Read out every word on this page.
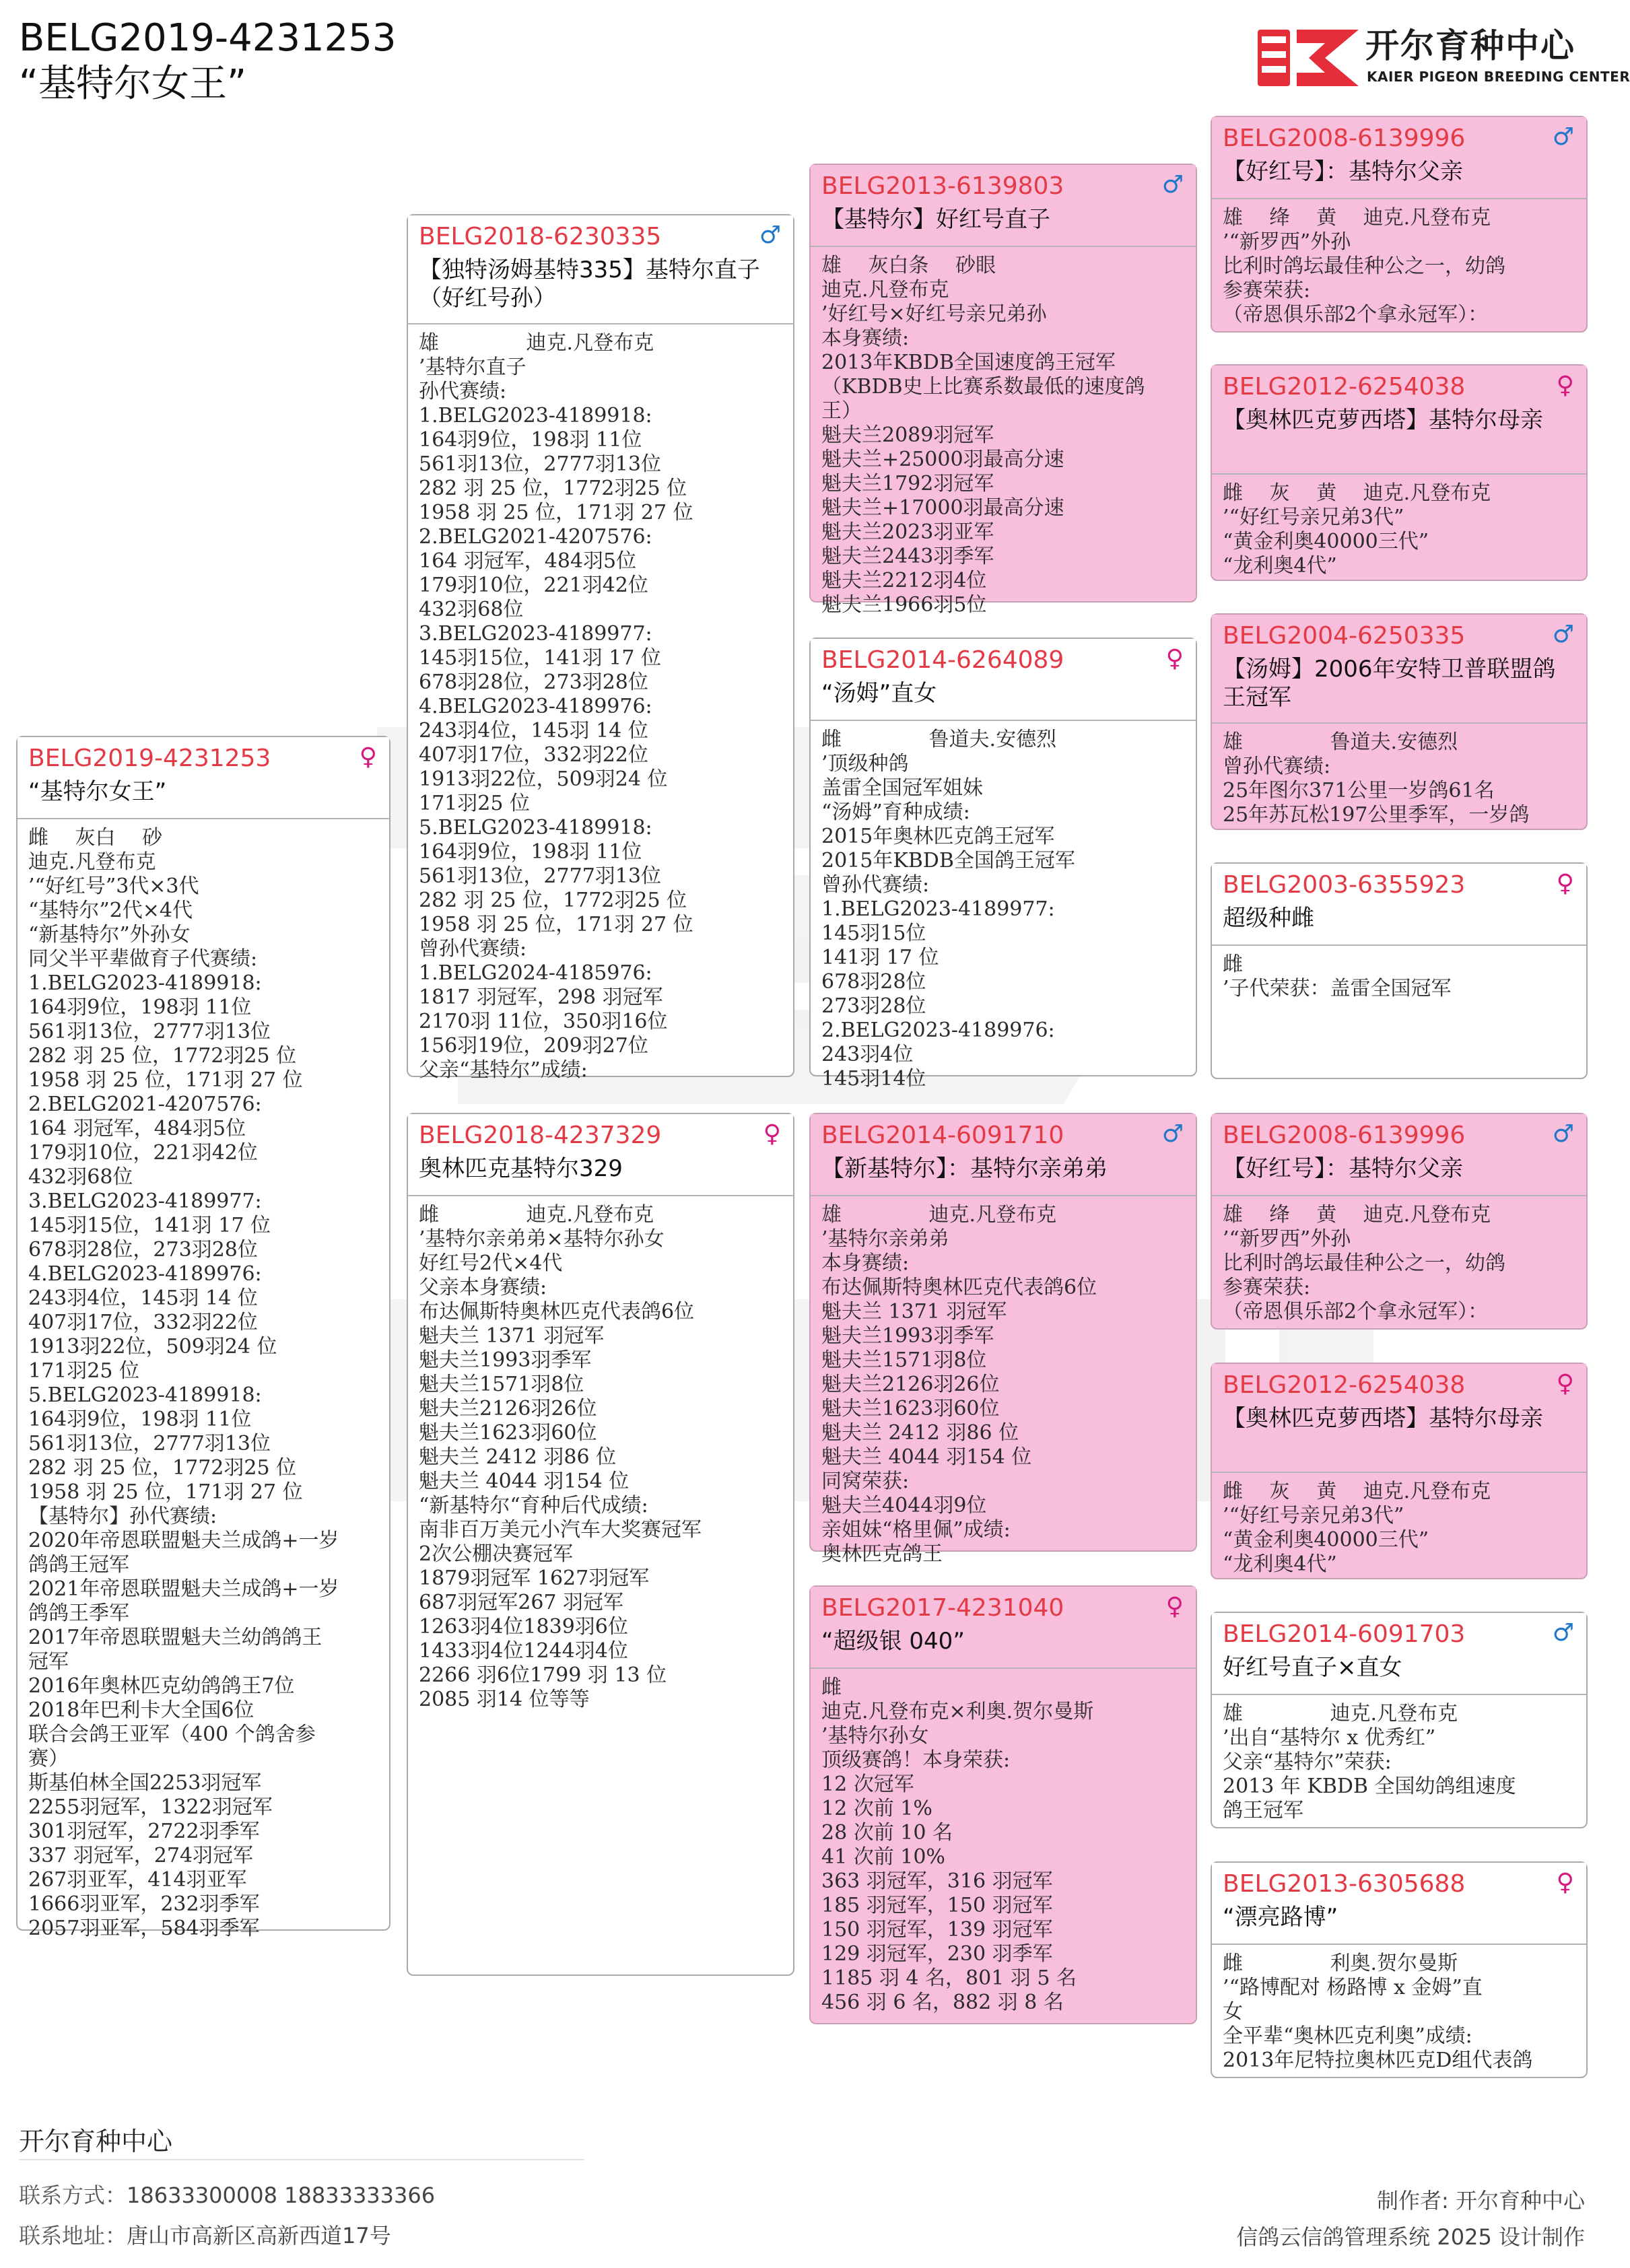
BELG2019-4231253
“基特尔女王”
开尔育种中心
KAIER PIGEON BREEDING CENTER
BELG2019-4231253	♀
“基特尔女王”
雌　 灰白　 砂
迪克.凡登布克
’“好红号”3代×3代
“基特尔”2代×4代
“新基特尔”外孙女
同父半平辈做育子代赛绩:
1.BELG2023-4189918:
164羽9位，198羽 11位
561羽13位，2777羽13位
282 羽 25 位，1772羽25 位
1958 羽 25 位，171羽 27 位
2.BELG2021-4207576:
164 羽冠军，484羽5位
179羽10位，221羽42位
432羽68位
3.BELG2023-4189977:
145羽15位，141羽 17 位
678羽28位，273羽28位
4.BELG2023-4189976:
243羽4位，145羽 14 位
407羽17位，332羽22位
1913羽22位，509羽24 位
171羽25 位
5.BELG2023-4189918:
164羽9位，198羽 11位
561羽13位，2777羽13位
282 羽 25 位，1772羽25 位
1958 羽 25 位，171羽 27 位
【基特尔】孙代赛绩:
2020年帝恩联盟魁夫兰成鸽+一岁
鸽鸽王冠军
2021年帝恩联盟魁夫兰成鸽+一岁
鸽鸽王季军
2017年帝恩联盟魁夫兰幼鸽鸽王
冠军
2016年奥林匹克幼鸽鸽王7位
2018年巴利卡大全国6位
联合会鸽王亚军（400 个鸽舍参
赛）
斯基伯林全国2253羽冠军
2255羽冠军，1322羽冠军
301羽冠军，2722羽季军
337 羽冠军，274羽冠军
267羽亚军，414羽亚军
1666羽亚军，232羽季军
2057羽亚军，584羽季军
BELG2018-6230335	♂
【独特汤姆基特335】基特尔直子（好红号孙）
雄　　　　 迪克.凡登布克
’基特尔直子
孙代赛绩:
1.BELG2023-4189918:
164羽9位，198羽 11位
561羽13位，2777羽13位
282 羽 25 位，1772羽25 位
1958 羽 25 位，171羽 27 位
2.BELG2021-4207576:
164 羽冠军，484羽5位
179羽10位，221羽42位
432羽68位
3.BELG2023-4189977:
145羽15位，141羽 17 位
678羽28位，273羽28位
4.BELG2023-4189976:
243羽4位，145羽 14 位
407羽17位，332羽22位
1913羽22位，509羽24 位
171羽25 位
5.BELG2023-4189918:
164羽9位，198羽 11位
561羽13位，2777羽13位
282 羽 25 位，1772羽25 位
1958 羽 25 位，171羽 27 位
曾孙代赛绩:
1.BELG2024-4185976:
1817 羽冠军，298 羽冠军
2170羽 11位，350羽16位
156羽19位，209羽27位
父亲“基特尔”成绩:
BELG2018-4237329	♀
奥林匹克基特尔329
雌　　　　 迪克.凡登布克
’基特尔亲弟弟×基特尔孙女
好红号2代×4代
父亲本身赛绩:
布达佩斯特奥林匹克代表鸽6位
魁夫兰 1371 羽冠军
魁夫兰1993羽季军
魁夫兰1571羽8位
魁夫兰2126羽26位
魁夫兰1623羽60位
魁夫兰 2412 羽86 位
魁夫兰 4044 羽154 位
“新基特尔“育种后代成绩:
南非百万美元小汽车大奖赛冠军
2次公棚决赛冠军
1879羽冠军 1627羽冠军
687羽冠军267 羽冠军
1263羽4位1839羽6位
1433羽4位1244羽4位
2266 羽6位1799 羽 13 位
2085 羽14 位等等
BELG2013-6139803	♂
【基特尔】好红号直子
雄　 灰白条　 砂眼
迪克.凡登布克
’好红号×好红号亲兄弟孙
本身赛绩:
2013年KBDB全国速度鸽王冠军
（KBDB史上比赛系数最低的速度鸽
王）
魁夫兰2089羽冠军
魁夫兰+25000羽最高分速
魁夫兰1792羽冠军
魁夫兰+17000羽最高分速
魁夫兰2023羽亚军
魁夫兰2443羽季军
魁夫兰2212羽4位
魁夫兰1966羽5位
BELG2014-6264089	♀
“汤姆”直女
雌　　　　 鲁道夫.安德烈
’顶级种鸽
盖雷全国冠军姐妹
“汤姆”育种成绩:
2015年奥林匹克鸽王冠军
2015年KBDB全国鸽王冠军
曾孙代赛绩:
1.BELG2023-4189977:
145羽15位
141羽 17 位
678羽28位
273羽28位
2.BELG2023-4189976:
243羽4位
145羽14位
BELG2014-6091710	♂
【新基特尔】：基特尔亲弟弟
雄　　　　 迪克.凡登布克
’基特尔亲弟弟
本身赛绩:
布达佩斯特奥林匹克代表鸽6位
魁夫兰 1371 羽冠军
魁夫兰1993羽季军
魁夫兰1571羽8位
魁夫兰2126羽26位
魁夫兰1623羽60位
魁夫兰 2412 羽86 位
魁夫兰 4044 羽154 位
同窝荣获:
魁夫兰4044羽9位
亲姐妹“格里佩”成绩:
奥林匹克鸽王
BELG2017-4231040	♀
“超级银 040”
雌
迪克.凡登布克×利奥.贺尔曼斯
’基特尔孙女
顶级赛鸽！本身荣获:
12 次冠军
12 次前 1%
28 次前 10 名
41 次前 10%
363 羽冠军，316 羽冠军
185 羽冠军，150 羽冠军
150 羽冠军，139 羽冠军
129 羽冠军，230 羽季军
1185 羽 4 名，801 羽 5 名
456 羽 6 名，882 羽 8 名
BELG2008-6139996	♂
【好红号】：基特尔父亲
雄　 绛　 黄　 迪克.凡登布克
’“新罗西”外孙
比利时鸽坛最佳种公之一，幼鸽
参赛荣获:
（帝恩俱乐部2个拿永冠军）：
BELG2012-6254038	♀
【奥林匹克萝西塔】基特尔母亲
雌　 灰　 黄　 迪克.凡登布克
’“好红号亲兄弟3代”
“黄金利奥40000三代”
“龙利奥4代”
BELG2004-6250335	♂
【汤姆】2006年安特卫普联盟鸽王冠军
雄　　　　 鲁道夫.安德烈
曾孙代赛绩:
25年图尔371公里一岁鸽61名
25年苏瓦松197公里季军，一岁鸽
BELG2003-6355923	♀
超级种雌
雌
’子代荣获：盖雷全国冠军
BELG2008-6139996	♂
【好红号】：基特尔父亲
雄　 绛　 黄　 迪克.凡登布克
’“新罗西”外孙
比利时鸽坛最佳种公之一，幼鸽
参赛荣获:
（帝恩俱乐部2个拿永冠军）：
BELG2012-6254038	♀
【奥林匹克萝西塔】基特尔母亲
雌　 灰　 黄　 迪克.凡登布克
’“好红号亲兄弟3代”
“黄金利奥40000三代”
“龙利奥4代”
BELG2014-6091703	♂
好红号直子×直女
雄　　　　 迪克.凡登布克
’出自“基特尔 x 优秀红”
父亲“基特尔”荣获:
2013 年 KBDB 全国幼鸽组速度
鸽王冠军
BELG2013-6305688	♀
“漂亮路博”
雌　　　　 利奥.贺尔曼斯
’“路博配对 杨路博 x 金姆”直
女
全平辈“奥林匹克利奥”成绩:
2013年尼特拉奥林匹克D组代表鸽
开尔育种中心
联系方式：18633300008 18833333366
联系地址：唐山市高新区高新西道17号
制作者: 开尔育种中心
信鸽云信鸽管理系统 2025 设计制作
